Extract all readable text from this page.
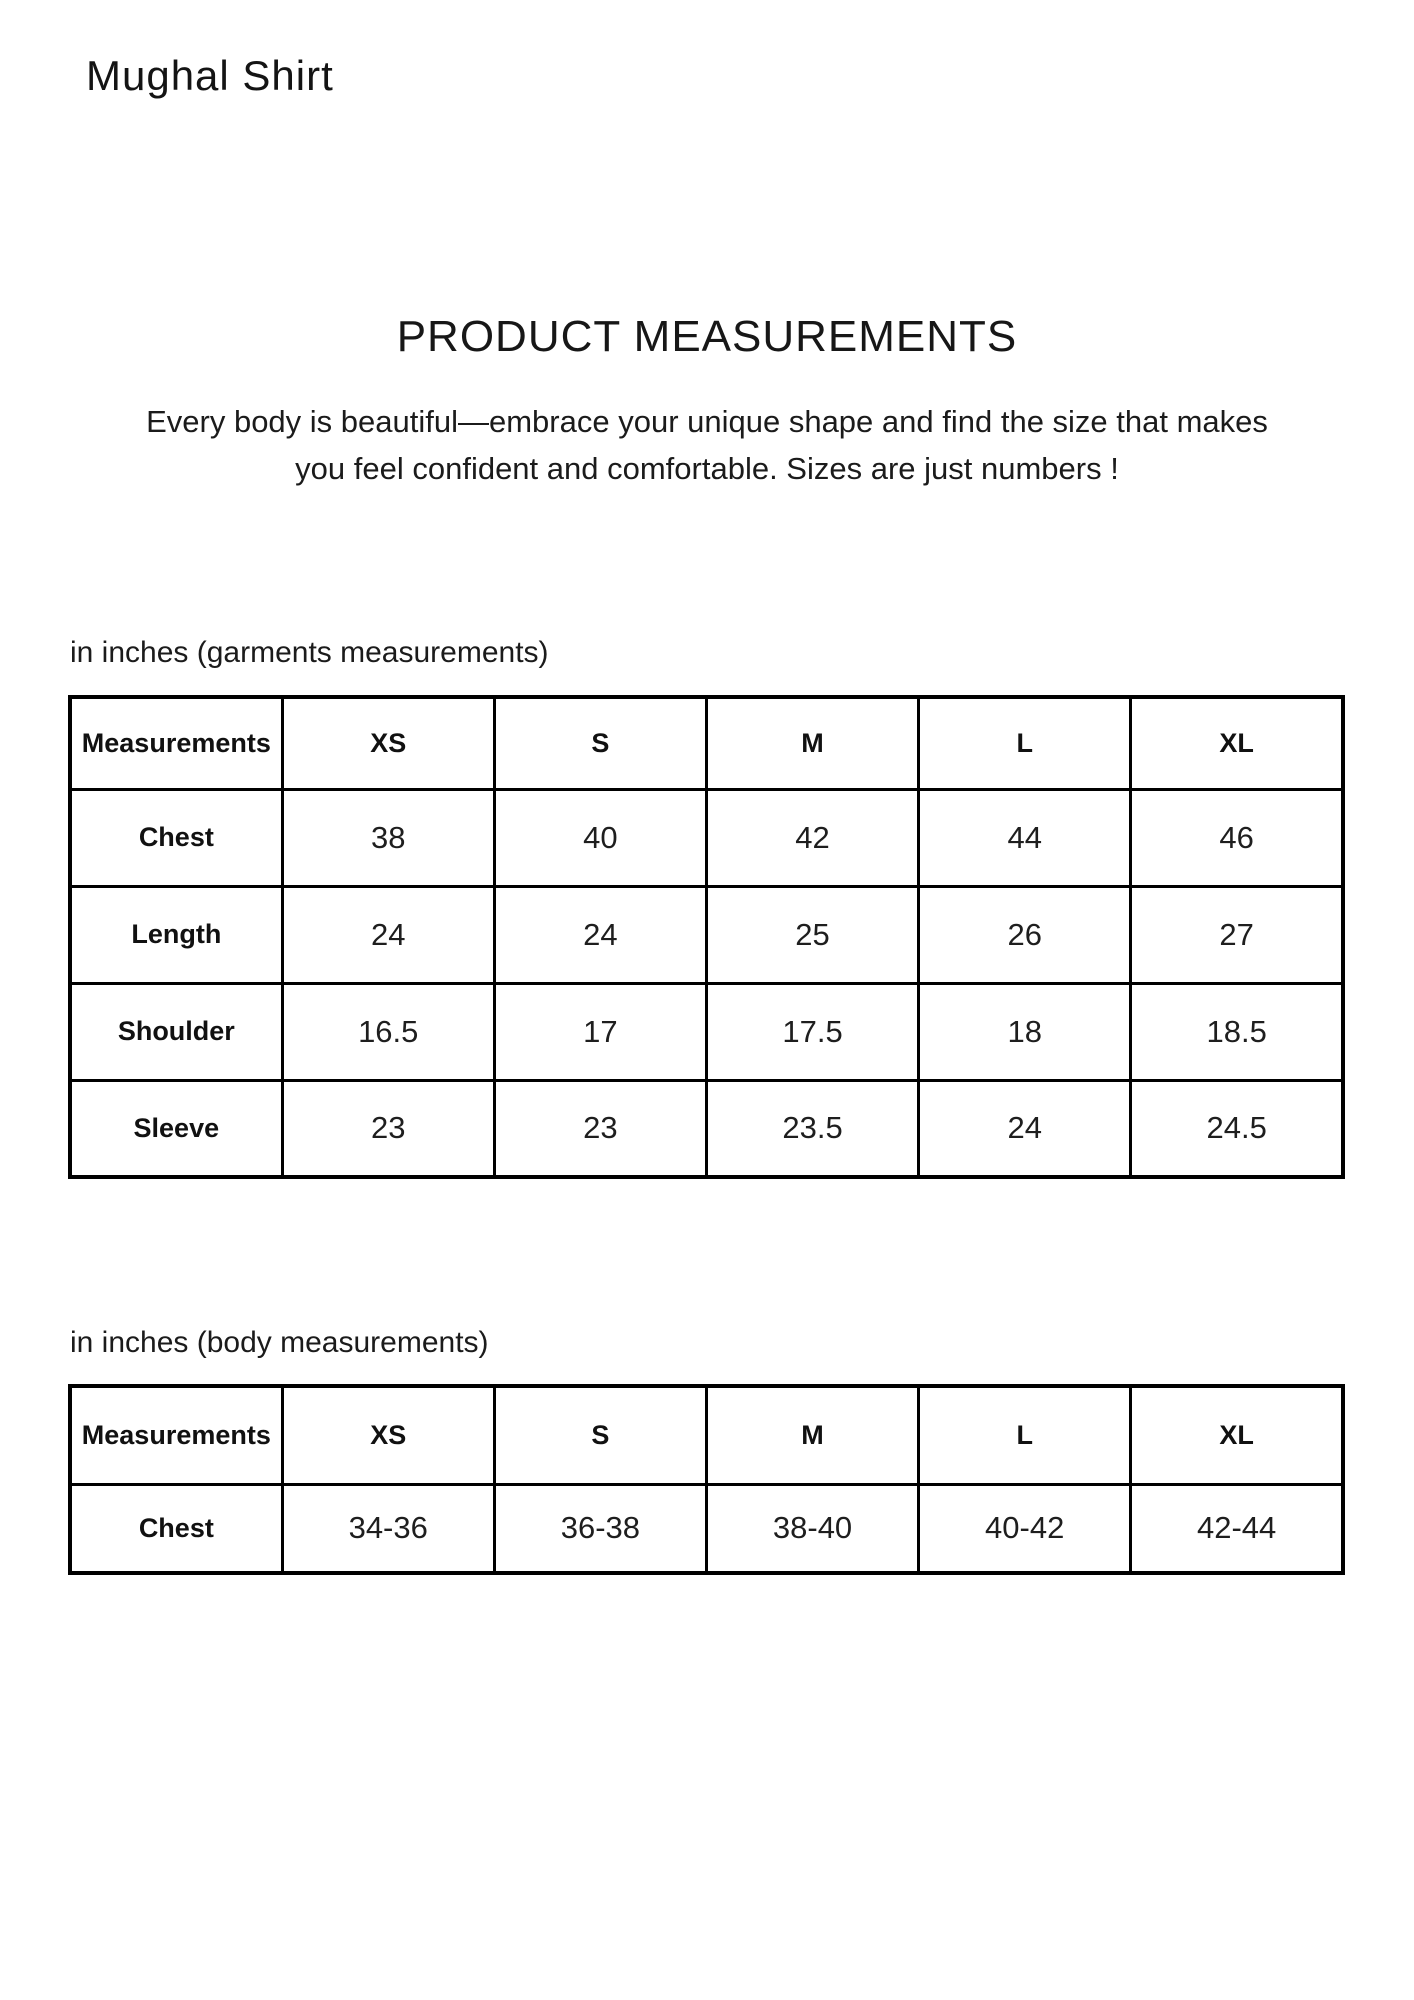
Mughal Shirt
PRODUCT MEASUREMENTS
Every body is beautiful—embrace your unique shape and find the size that makes you feel confident and comfortable. Sizes are just numbers !
in inches (garments measurements)
Measurements	XS	S	M	L	XL
Chest	38	40	42	44	46
Length	24	24	25	26	27
Shoulder	16.5	17	17.5	18	18.5
Sleeve	23	23	23.5	24	24.5
in inches (body measurements)
Measurements	XS	S	M	L	XL
Chest	34-36	36-38	38-40	40-42	42-44
